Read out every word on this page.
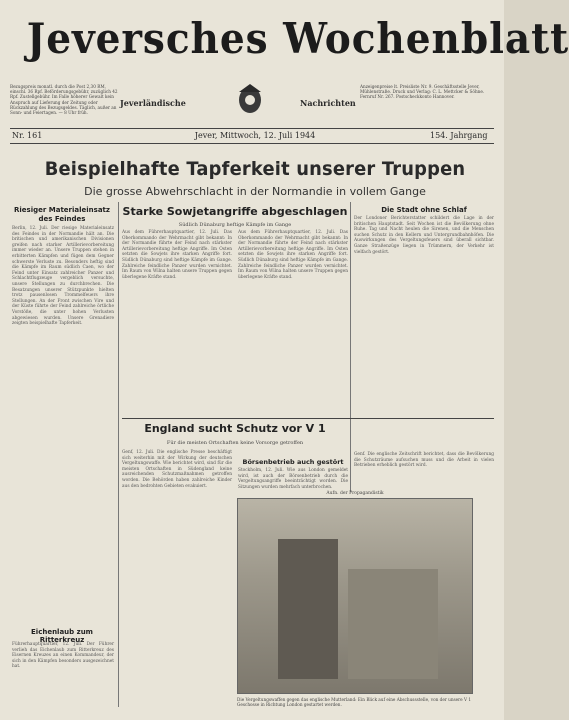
Jeversches Wochenblatt
Bezugspreis monatl. durch die Post 2,30 RM, einschl. 36 Rpf. Beförderungsgebühr, zuzüglich 42 Rpf. Zustellgebühr. Im Falle höherer Gewalt kein Anspruch auf Lieferung der Zeitung oder Rückzahlung des Bezugsgeldes. Täglich, außer an Sonn- und Feiertagen. — 8 Uhr früh.
Jeverländische	Nachrichten
Anzeigenpreise lt. Preisliste Nr. 9. Geschäftsstelle Jever, Mühlenstraße. Druck und Verlag: C. L. Mettcker & Söhne. Fernruf Nr. 267. Postscheckkonto Hannover.
Nr. 161	Jever, Mittwoch, 12. Juli 1944	154. Jahrgang
Beispielhafte Tapferkeit unserer Truppen
Die grosse Abwehrschlacht in der Normandie in vollem Gange
Riesiger Materialeinsatz des Feindes
Berlin, 12. Juli. Der riesige Materialeinsatz des Feindes in der Normandie hält an. Die britischen und amerikanischen Divisionen greifen nach starker Artillerievorbereitung immer wieder an. Unsere Truppen stehen in erbitterten Kämpfen und fügen dem Gegner schwerste Verluste zu. Besonders heftig sind die Kämpfe im Raum südlich Caen, wo der Feind unter Einsatz zahlreicher Panzer und Schlachtflugzeuge vergeblich versuchte, unsere Stellungen zu durchbrechen. Die Besatzungen unserer Stützpunkte hielten trotz pausenlosen Trommelfeuers ihre Stellungen. An der Front zwischen Vire und der Küste führte der Feind zahlreiche örtliche Vorstöße, die unter hohen Verlusten abgewiesen wurden. Unsere Grenadiere zeigten beispielhafte Tapferkeit.
Eichenlaub zum Ritterkreuz
Führerhauptquartier, 12. Juli. Der Führer verlieh das Eichenlaub zum Ritterkreuz des Eisernen Kreuzes an einen Kommandeur, der sich in den Kämpfen besonders ausgezeichnet hat.
Starke Sowjetangriffe abgeschlagen
Südlich Dünaburg heftige Kämpfe im Gange
Aus dem Führerhauptquartier, 12. Juli. Das Oberkommando der Wehrmacht gibt bekannt: In der Normandie führte der Feind nach stärkster Artillerievorbereitung heftige Angriffe. Im Osten setzten die Sowjets ihre starken Angriffe fort. Südlich Dünaburg sind heftige Kämpfe im Gange. Zahlreiche feindliche Panzer wurden vernichtet. Im Raum von Wilna halten unsere Truppen gegen überlegene Kräfte stand.
Aus dem Führerhauptquartier, 12. Juli. Das Oberkommando der Wehrmacht gibt bekannt: In der Normandie führte der Feind nach stärkster Artillerievorbereitung heftige Angriffe. Im Osten setzten die Sowjets ihre starken Angriffe fort. Südlich Dünaburg sind heftige Kämpfe im Gange. Zahlreiche feindliche Panzer wurden vernichtet. Im Raum von Wilna halten unsere Truppen gegen überlegene Kräfte stand.
Die Stadt ohne Schlaf
Der Londoner Berichterstatter schildert die Lage in der britischen Hauptstadt. Seit Wochen ist die Bevölkerung ohne Ruhe. Tag und Nacht heulen die Sirenen, und die Menschen suchen Schutz in den Kellern und Untergrundbahnhöfen. Die Auswirkungen des Vergeltungsfeuers sind überall sichtbar. Ganze Straßenzüge liegen in Trümmern, der Verkehr ist vielfach gestört.
England sucht Schutz vor V 1
Für die meisten Ortschaften keine Vorsorge getroffen
Genf, 12. Juli. Die englische Presse beschäftigt sich weiterhin mit der Wirkung der deutschen Vergeltungswaffe. Wie berichtet wird, sind für die meisten Ortschaften in Südengland keine ausreichenden Schutzmaßnahmen getroffen worden. Die Behörden haben zahlreiche Kinder aus den bedrohten Gebieten evakuiert.
Börsenbetrieb auch gestört
Stockholm, 12. Juli. Wie aus London gemeldet wird, ist auch der Börsenbetrieb durch die Vergeltungsangriffe beeinträchtigt worden. Die Sitzungen wurden mehrfach unterbrochen.
Genf. Die englische Zeitschrift berichtet, dass die Bevölkerung die Schutzräume aufsuchen muss und die Arbeit in vielen Betrieben erheblich gestört wird.
Aufn. der Propagandistik
Die Vergeltungswaffen gegen das englische Mutterland: Ein Blick auf eine Abschussstelle, von der unsere V 1 Geschosse in Richtung London gestartet werden.
